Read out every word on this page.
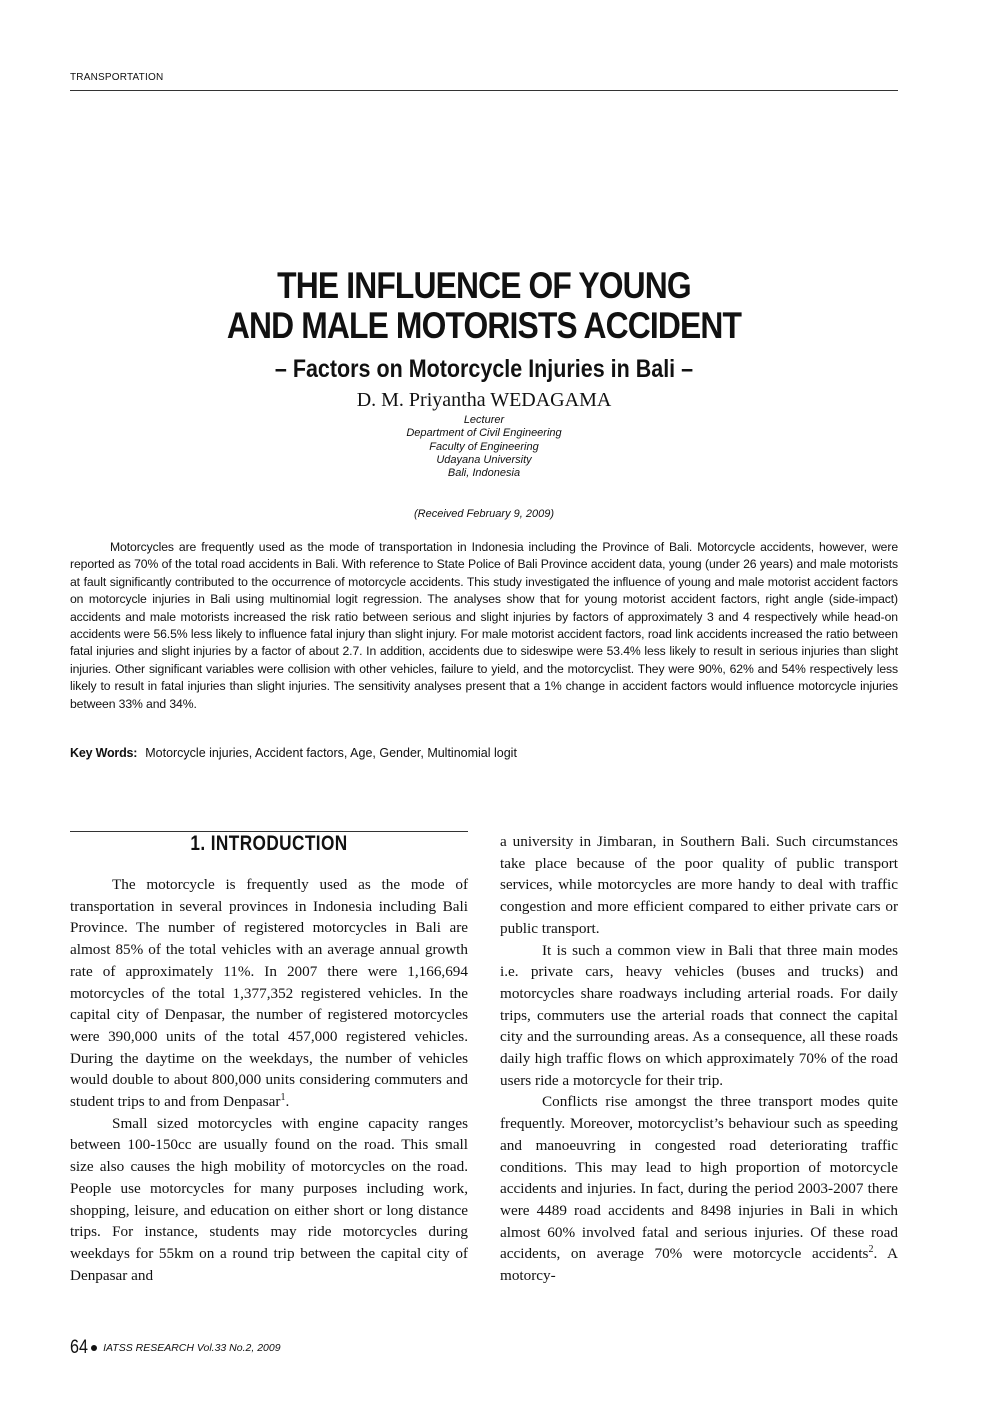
TRANSPORTATION
THE INFLUENCE OF YOUNG
AND MALE MOTORISTS ACCIDENT
– Factors on Motorcycle Injuries in Bali –
D. M. Priyantha WEDAGAMA
Lecturer
Department of Civil Engineering
Faculty of Engineering
Udayana University
Bali, Indonesia
(Received February 9, 2009)
Motorcycles are frequently used as the mode of transportation in Indonesia including the Province of Bali. Motorcycle accidents, however, were reported as 70% of the total road accidents in Bali. With reference to State Police of Bali Province accident data, young (under 26 years) and male motorists at fault significantly contributed to the occurrence of motorcycle accidents. This study investigated the influence of young and male motorist accident factors on motorcycle injuries in Bali using multinomial logit regression. The analyses show that for young motorist accident factors, right angle (side-impact) accidents and male motorists increased the risk ratio between serious and slight injuries by factors of approximately 3 and 4 respectively while head-on accidents were 56.5% less likely to influence fatal injury than slight injury. For male motorist accident factors, road link accidents increased the ratio between fatal injuries and slight injuries by a factor of about 2.7. In addition, accidents due to sideswipe were 53.4% less likely to result in serious injuries than slight injuries. Other significant variables were collision with other vehicles, failure to yield, and the motorcyclist. They were 90%, 62% and 54% respectively less likely to result in fatal injuries than slight injuries. The sensitivity analyses present that a 1% change in accident factors would influence motorcycle injuries between 33% and 34%.
Key Words: Motorcycle injuries, Accident factors, Age, Gender, Multinomial logit
1. INTRODUCTION

The motorcycle is frequently used as the mode of transportation in several provinces in Indonesia including Bali Province. The number of registered motorcycles in Bali are almost 85% of the total vehicles with an average annual growth rate of approximately 11%. In 2007 there were 1,166,694 motorcycles of the total 1,377,352 registered vehicles. In the capital city of Denpasar, the number of registered motorcycles were 390,000 units of the total 457,000 registered vehicles. During the daytime on the weekdays, the number of vehicles would double to about 800,000 units considering commuters and student trips to and from Denpasar$^1$.

Small sized motorcycles with engine capacity ranges between 100-150cc are usually found on the road. This small size also causes the high mobility of motorcycles on the road. People use motorcycles for many purposes including work, shopping, leisure, and education on either short or long distance trips. For instance, students may ride motorcycles during weekdays for 55km on a round trip between the capital city of Denpasar and

a university in Jimbaran, in Southern Bali. Such circumstances take place because of the poor quality of public transport services, while motorcycles are more handy to deal with traffic congestion and more efficient compared to either private cars or public transport.

It is such a common view in Bali that three main modes i.e. private cars, heavy vehicles (buses and trucks) and motorcycles share roadways including arterial roads. For daily trips, commuters use the arterial roads that connect the capital city and the surrounding areas. As a consequence, all these roads daily high traffic flows on which approximately 70% of the road users ride a motorcycle for their trip.

Conflicts rise amongst the three transport modes quite frequently. Moreover, motorcyclist’s behaviour such as speeding and manoeuvring in congested road deteriorating traffic conditions. This may lead to high proportion of motorcycle accidents and injuries. In fact, during the period 2003-2007 there were 4489 road accidents and 8498 injuries in Bali in which almost 60% involved fatal and serious injuries. Of these road accidents, on average 70% were motorcycle accidents$^2$. A motorcy-

64 IATSS RESEARCH Vol.33 No.2, 2009
